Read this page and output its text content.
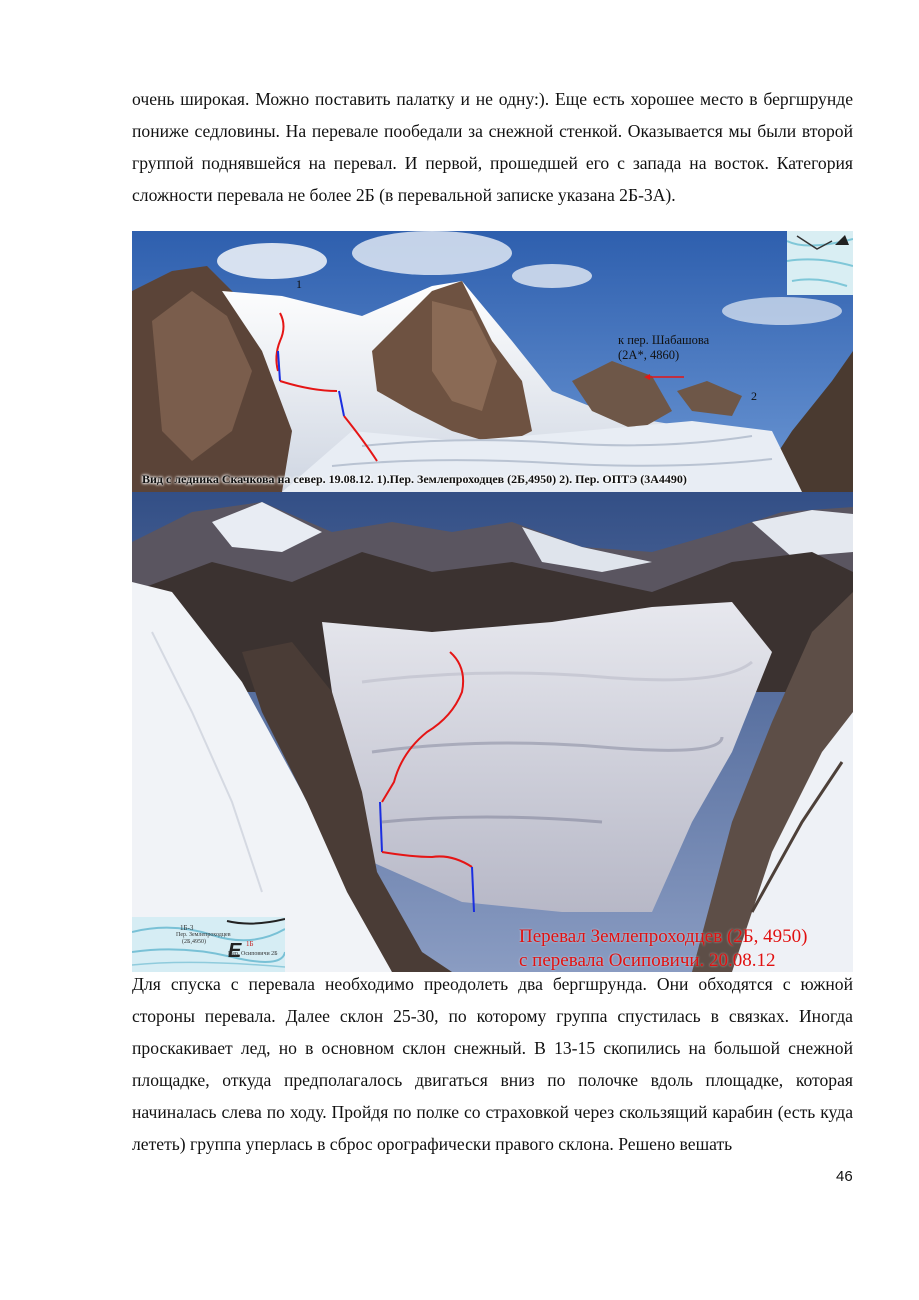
очень широкая. Можно поставить палатку и не одну:). Еще есть хорошее место в бергшрунде пониже седловины. На перевале пообедали за снежной стенкой. Оказывается мы были второй группой поднявшейся на перевал. И первой, прошедшей его с запада на восток. Категория сложности перевала не более 2Б (в перевальной записке указана 2Б-3А).

1
2
к пер. Шабашова
(2А*, 4860)
Вид с ледника Скачкова на север. 19.08.12. 1).Пер. Землепроходцев (2Б,4950) 2). Пер. ОПТЭ (3А4490)
E
1Б-3
Пер. Землепроходцев
(2Б,4950)	1Б
Пер. Осиповичи 2Б
Перевал Землепроходцев (2Б, 4950)
с перевала Осиповичи. 20.08.12

Для спуска с перевала необходимо преодолеть два бергшрунда. Они обходятся с южной стороны перевала. Далее склон 25-30, по которому группа спустилась в связках. Иногда проскакивает лед, но в основном склон снежный. В 13-15 скопились на большой снежной площадке, откуда предполагалось двигаться вниз по полочке вдоль площадке, которая начиналась слева по ходу. Пройдя по полке со страховкой через скользящий карабин (есть куда лететь) группа уперлась в сброс орографически правого склона. Решено вешать

46
